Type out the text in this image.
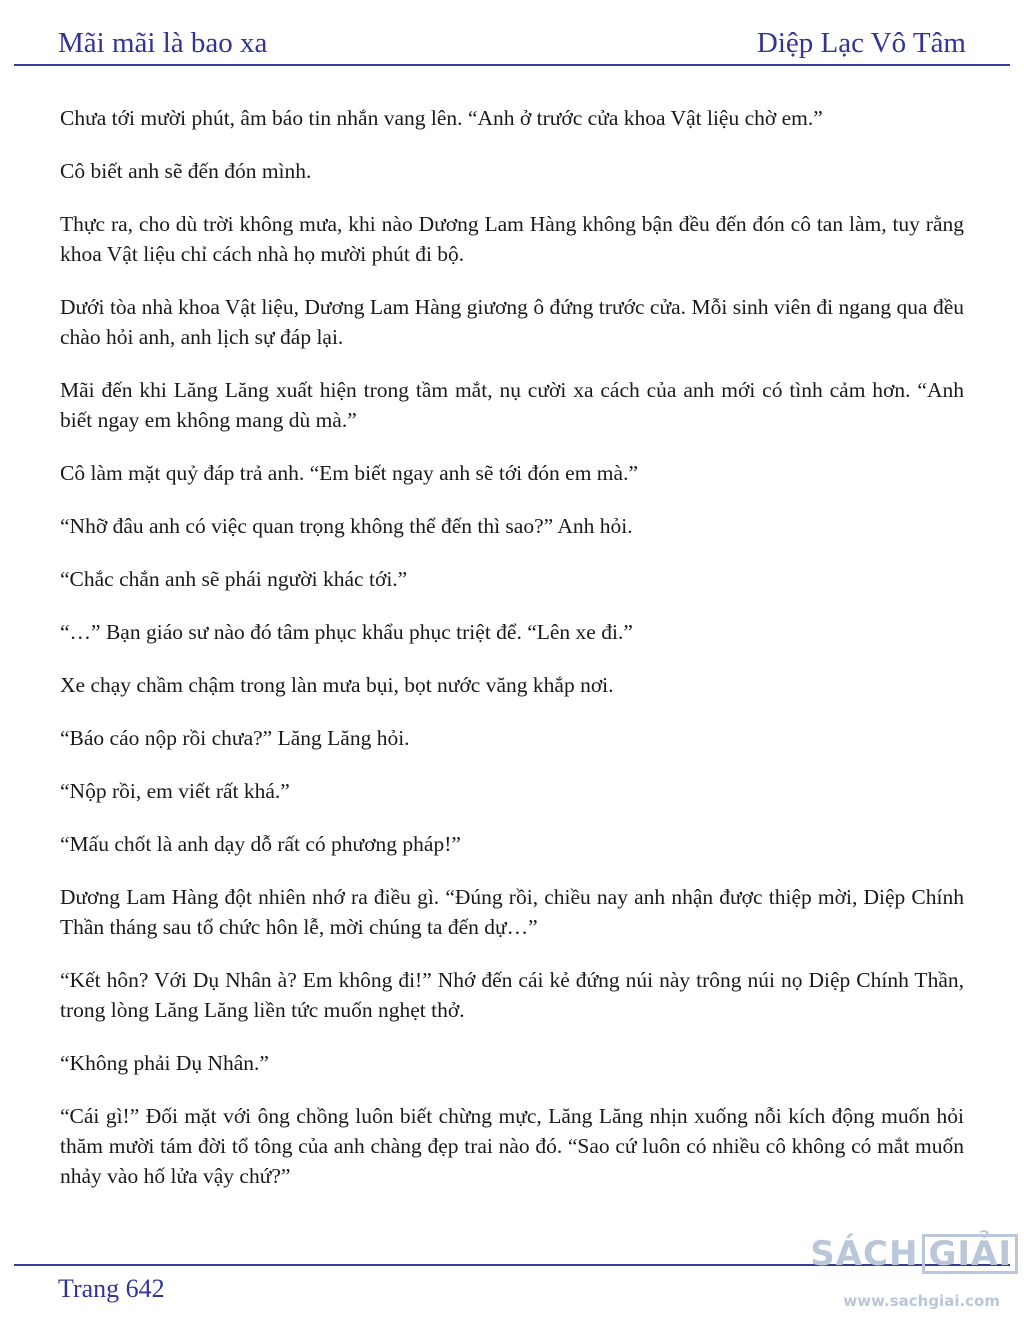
Mãi mãi là bao xa	Diệp Lạc Vô Tâm

Chưa tới mười phút, âm báo tin nhắn vang lên. “Anh ở trước cửa khoa Vật liệu chờ em.”

Cô biết anh sẽ đến đón mình.

Thực ra, cho dù trời không mưa, khi nào Dương Lam Hàng không bận đều đến đón cô tan làm, tuy rằng khoa Vật liệu chỉ cách nhà họ mười phút đi bộ.

Dưới tòa nhà khoa Vật liệu, Dương Lam Hàng giương ô đứng trước cửa. Mỗi sinh viên đi ngang qua đều chào hỏi anh, anh lịch sự đáp lại.

Mãi đến khi Lăng Lăng xuất hiện trong tầm mắt, nụ cười xa cách của anh mới có tình cảm hơn. “Anh biết ngay em không mang dù mà.”

Cô làm mặt quỷ đáp trả anh. “Em biết ngay anh sẽ tới đón em mà.”

“Nhỡ đâu anh có việc quan trọng không thể đến thì sao?” Anh hỏi.

“Chắc chắn anh sẽ phái người khác tới.”

“…” Bạn giáo sư nào đó tâm phục khẩu phục triệt để. “Lên xe đi.”

Xe chạy chầm chậm trong làn mưa bụi, bọt nước văng khắp nơi.

“Báo cáo nộp rồi chưa?” Lăng Lăng hỏi.

“Nộp rồi, em viết rất khá.”

“Mấu chốt là anh dạy dỗ rất có phương pháp!”

Dương Lam Hàng đột nhiên nhớ ra điều gì. “Đúng rồi, chiều nay anh nhận được thiệp mời, Diệp Chính Thần tháng sau tổ chức hôn lễ, mời chúng ta đến dự…”

“Kết hôn? Với Dụ Nhân à? Em không đi!” Nhớ đến cái kẻ đứng núi này trông núi nọ Diệp Chính Thần, trong lòng Lăng Lăng liền tức muốn nghẹt thở.

“Không phải Dụ Nhân.”

“Cái gì!” Đối mặt với ông chồng luôn biết chừng mực, Lăng Lăng nhịn xuống nỗi kích động muốn hỏi thăm mười tám đời tổ tông của anh chàng đẹp trai nào đó. “Sao cứ luôn có nhiều cô không có mắt muốn nhảy vào hố lửa vậy chứ?”

Trang 642
SÁCH GIẢI
www.sachgiai.com
